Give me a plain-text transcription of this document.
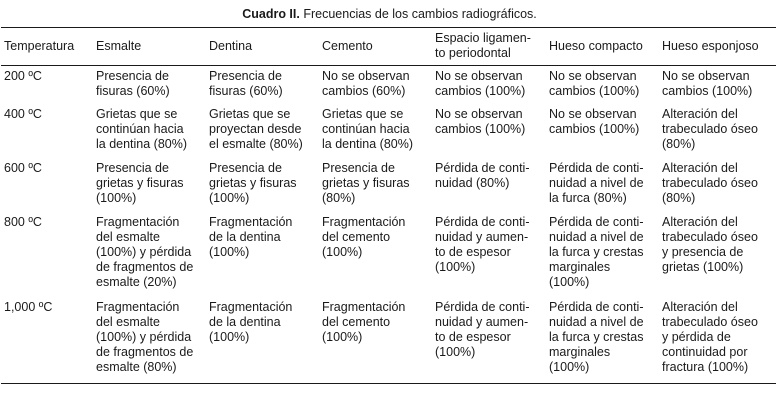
Cuadro II. Frecuencias de los cambios radiográficos.
Temperatura	Esmalte	Dentina	Cemento	Espacio ligamen-
to periodontal	Hueso compacto	Hueso esponjoso
200 ºC	Presencia de
fisuras (60%)	Presencia de
fisuras (60%)	No se observan
cambios (60%)	No se observan
cambios (100%)	No se observan
cambios (100%)	No se observan
cambios (100%)
400 ºC	Grietas que se
continúan hacia
la dentina (80%)	Grietas que se
proyectan desde
el esmalte (80%)	Grietas que se
continúan hacia
la dentina (80%)	No se observan
cambios (100%)	No se observan
cambios (100%)	Alteración del
trabeculado óseo
(80%)
600 ºC	Presencia de
grietas y fisuras
(100%)	Presencia de
grietas y fisuras
(100%)	Presencia de
grietas y fisuras
(80%)	Pérdida de conti-
nuidad (80%)	Pérdida de conti-
nuidad a nivel de
la furca (80%)	Alteración del
trabeculado óseo
(80%)
800 ºC	Fragmentación
del esmalte
(100%) y pérdida
de fragmentos de
esmalte (20%)	Fragmentación
de la dentina
(100%)	Fragmentación
del cemento
(100%)	Pérdida de conti-
nuidad y aumen-
to de espesor
(100%)	Pérdida de conti-
nuidad a nivel de
la furca y crestas
marginales
(100%)	Alteración del
trabeculado óseo
y presencia de
grietas (100%)
1,000 ºC	Fragmentación
del esmalte
(100%) y pérdida
de fragmentos de
esmalte (80%)	Fragmentación
de la dentina
(100%)	Fragmentación
del cemento
(100%)	Pérdida de conti-
nuidad y aumen-
to de espesor
(100%)	Pérdida de conti-
nuidad a nivel de
la furca y crestas
marginales
(100%)	Alteración del
trabeculado óseo
y pérdida de
continuidad por
fractura (100%)
